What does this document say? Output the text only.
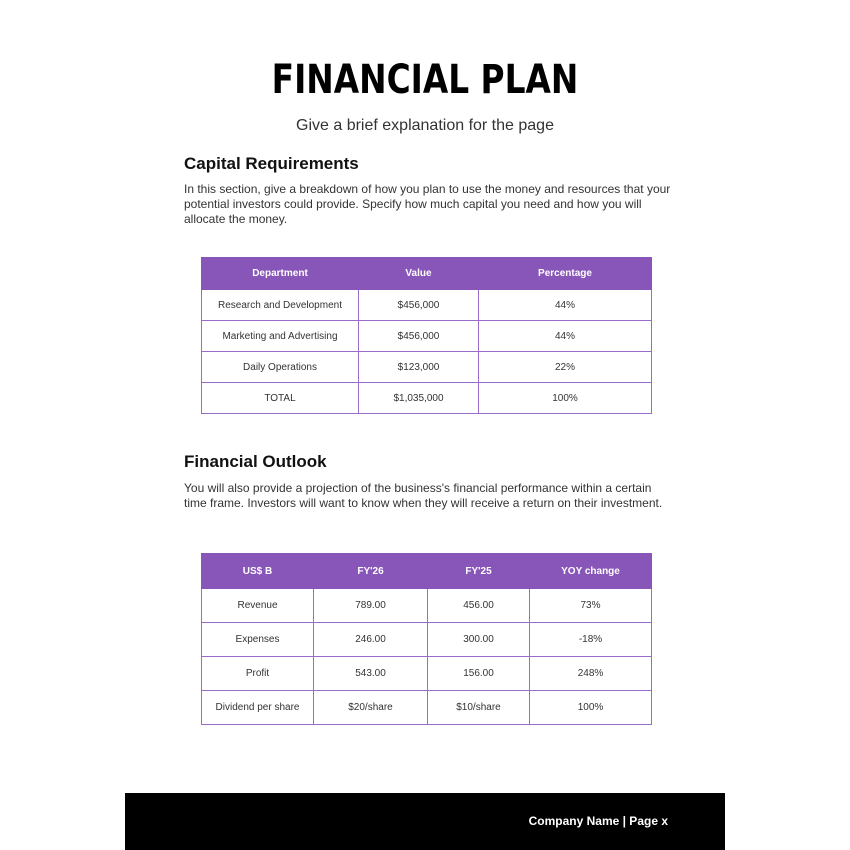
FINANCIAL PLAN
Give a brief explanation for the page
Capital Requirements
In this section, give a breakdown of how you plan to use the money and resources that your potential investors could provide. Specify how much capital you need and how you will allocate the money.
Department	Value	Percentage
Research and Development	$456,000	44%
Marketing and Advertising	$456,000	44%
Daily Operations	$123,000	22%
TOTAL	$1,035,000	100%
Financial Outlook
You will also provide a projection of the business's financial performance within a certain time frame. Investors will want to know when they will receive a return on their investment.
US$ B	FY'26	FY'25	YOY change
Revenue	789.00	456.00	73%
Expenses	246.00	300.00	-18%
Profit	543.00	156.00	248%
Dividend per share	$20/share	$10/share	100%
Company Name | Page x
